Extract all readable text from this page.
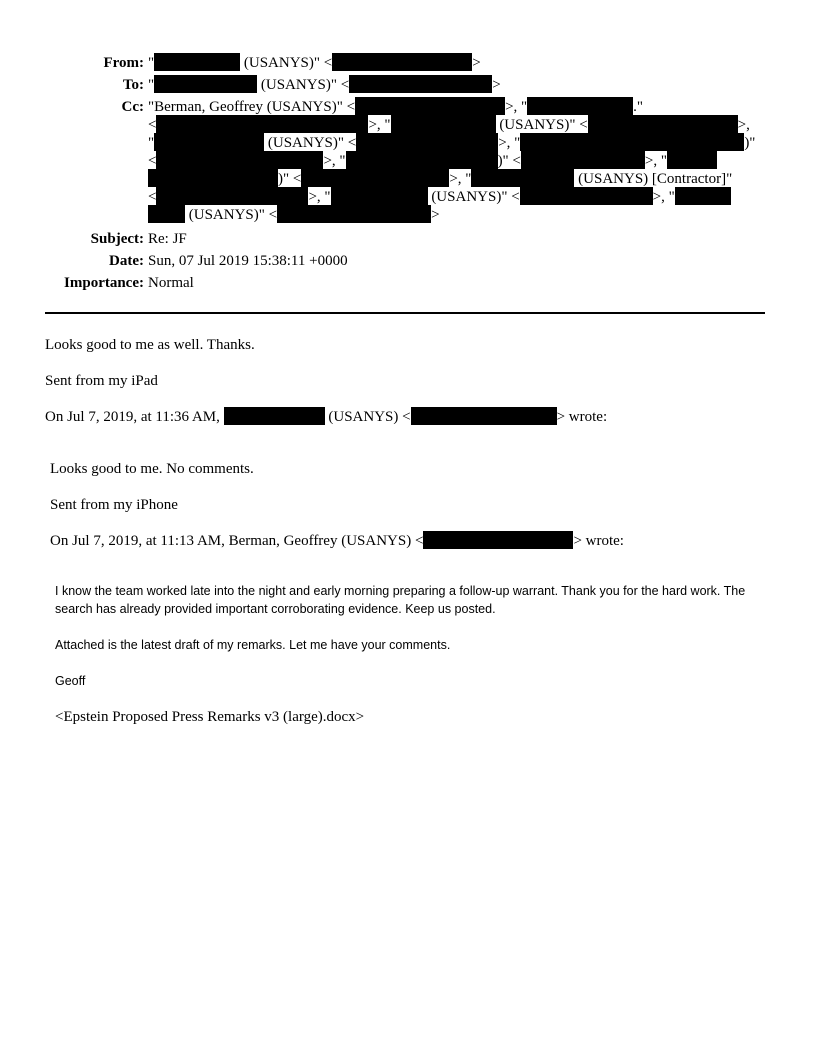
From: "	(USANYS)" <	>
To: "	(USANYS)" <	>
Cc: "Berman, Geoffrey (USANYS)" <	>, "	."
<	>, "	(USANYS)" <	>,
"	(USANYS)" <	>, "	)"
<	>, "	)" <	>, "
)" <	>, "	(USANYS) [Contractor]"
<	>, "	(USANYS)" <	>, "
(USANYS)" <	>
Subject: Re: JF
Date: Sun, 07 Jul 2019 15:38:11 +0000
Importance: Normal
Looks good to me as well. Thanks.
Sent from my iPad
On Jul 7, 2019, at 11:36 AM,	(USANYS) <	> wrote:
Looks good to me. No comments.
Sent from my iPhone
On Jul 7, 2019, at 11:13 AM, Berman, Geoffrey (USANYS) <	> wrote:
I know the team worked late into the night and early morning preparing a follow-up warrant. Thank you for the hard work. The search has already provided important corroborating evidence. Keep us posted.
Attached is the latest draft of my remarks. Let me have your comments.
Geoff
<Epstein Proposed Press Remarks v3 (large).docx>
